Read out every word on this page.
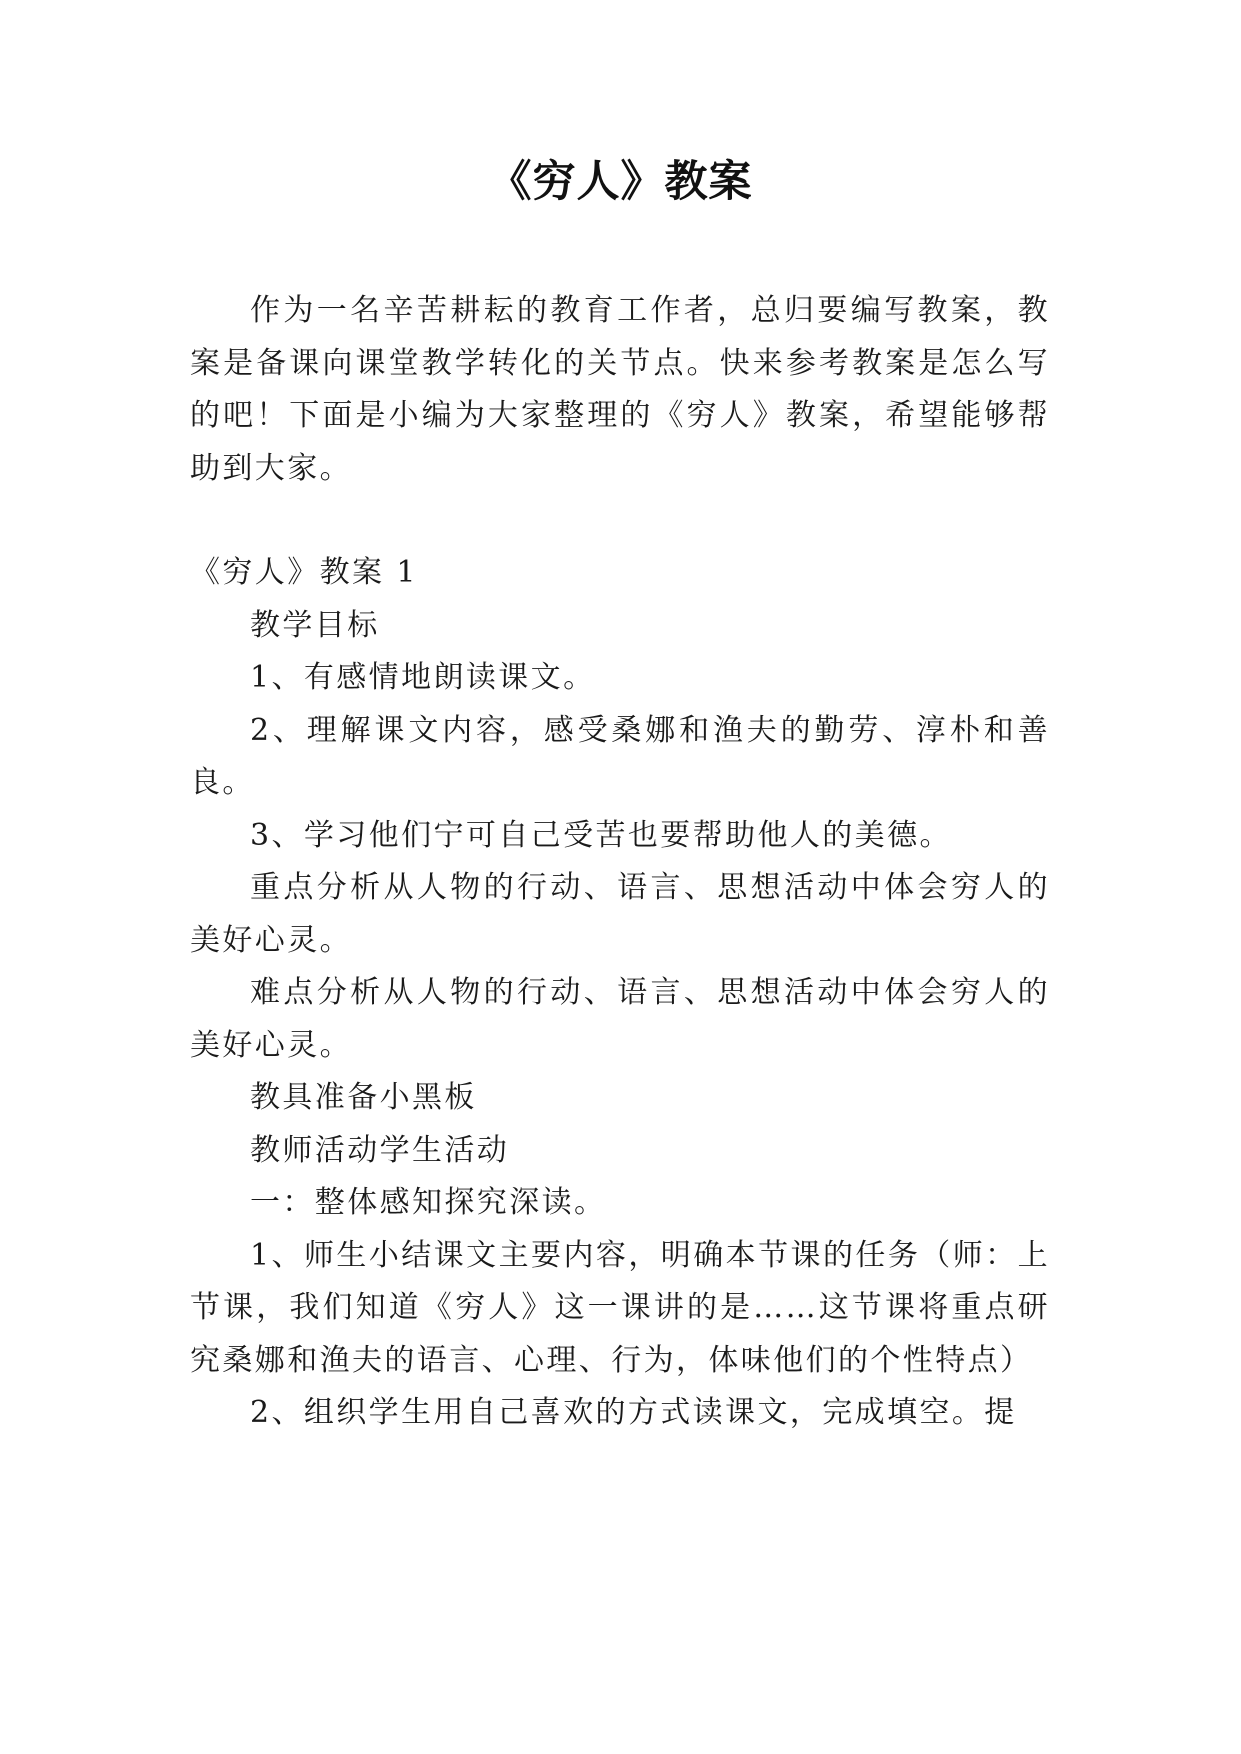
《穷人》教案

作为一名辛苦耕耘的教育工作者，总归要编写教案，教案是备课向课堂教学转化的关节点。快来参考教案是怎么写的吧！下面是小编为大家整理的《穷人》教案，希望能够帮助到大家。

《穷人》教案 1

教学目标

1、有感情地朗读课文。

2、理解课文内容，感受桑娜和渔夫的勤劳、淳朴和善良。

3、学习他们宁可自己受苦也要帮助他人的美德。

重点分析从人物的行动、语言、思想活动中体会穷人的美好心灵。

难点分析从人物的行动、语言、思想活动中体会穷人的美好心灵。

教具准备小黑板

教师活动学生活动

一：整体感知探究深读。

1、师生小结课文主要内容，明确本节课的任务（师：上节课，我们知道《穷人》这一课讲的是……这节课将重点研究桑娜和渔夫的语言、心理、行为，体味他们的个性特点）

2、组织学生用自己喜欢的方式读课文，完成填空。提
